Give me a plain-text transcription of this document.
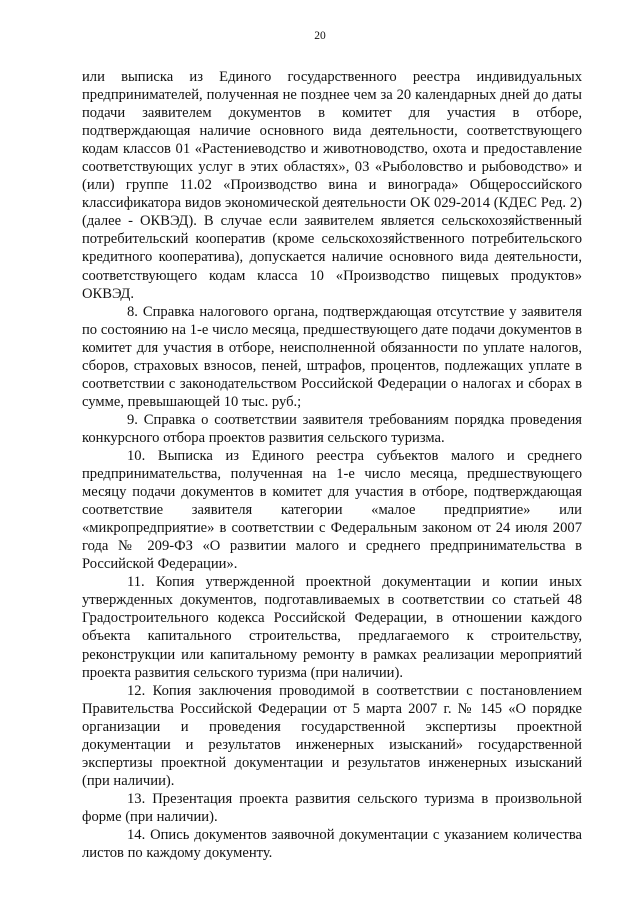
20

или выписка из Единого государственного реестра индивидуальных предпринимателей, полученная не позднее чем за 20 календарных дней до даты подачи заявителем документов в комитет для участия в отборе, подтверждающая наличие основного вида деятельности, соответствующего кодам классов 01 «Растениеводство и животноводство, охота и предоставление соответствующих услуг в этих областях», 03 «Рыболовство и рыбоводство» и (или) группе 11.02 «Производство вина и винограда» Общероссийского классификатора видов экономической деятельности ОК 029-2014 (КДЕС Ред. 2) (далее - ОКВЭД). В случае если заявителем является сельскохозяйственный потребительский кооператив (кроме сельскохозяйственного потребительского кредитного кооператива), допускается наличие основного вида деятельности, соответствующего кодам класса 10 «Производство пищевых продуктов» ОКВЭД.

8. Справка налогового органа, подтверждающая отсутствие у заявителя по состоянию на 1-е число месяца, предшествующего дате подачи документов в комитет для участия в отборе, неисполненной обязанности по уплате налогов, сборов, страховых взносов, пеней, штрафов, процентов, подлежащих уплате в соответствии с законодательством Российской Федерации о налогах и сборах в сумме, превышающей 10 тыс. руб.;

9. Справка о соответствии заявителя требованиям порядка проведения конкурсного отбора проектов развития сельского туризма.

10. Выписка из Единого реестра субъектов малого и среднего предпринимательства, полученная на 1-е число месяца, предшествующего месяцу подачи документов в комитет для участия в отборе, подтверждающая соответствие заявителя категории «малое предприятие» или «микропредприятие» в соответствии с Федеральным законом от 24 июля 2007 года № 209-ФЗ «О развитии малого и среднего предпринимательства в Российской Федерации».

11. Копия утвержденной проектной документации и копии иных утвержденных документов, подготавливаемых в соответствии со статьей 48 Градостроительного кодекса Российской Федерации, в отношении каждого объекта капитального строительства, предлагаемого к строительству, реконструкции или капитальному ремонту в рамках реализации мероприятий проекта развития сельского туризма (при наличии).

12. Копия заключения проводимой в соответствии с постановлением Правительства Российской Федерации от 5 марта 2007 г. № 145 «О порядке организации и проведения государственной экспертизы проектной документации и результатов инженерных изысканий» государственной экспертизы проектной документации и результатов инженерных изысканий (при наличии).

13. Презентация проекта развития сельского туризма в произвольной форме (при наличии).

14. Опись документов заявочной документации с указанием количества листов по каждому документу.
